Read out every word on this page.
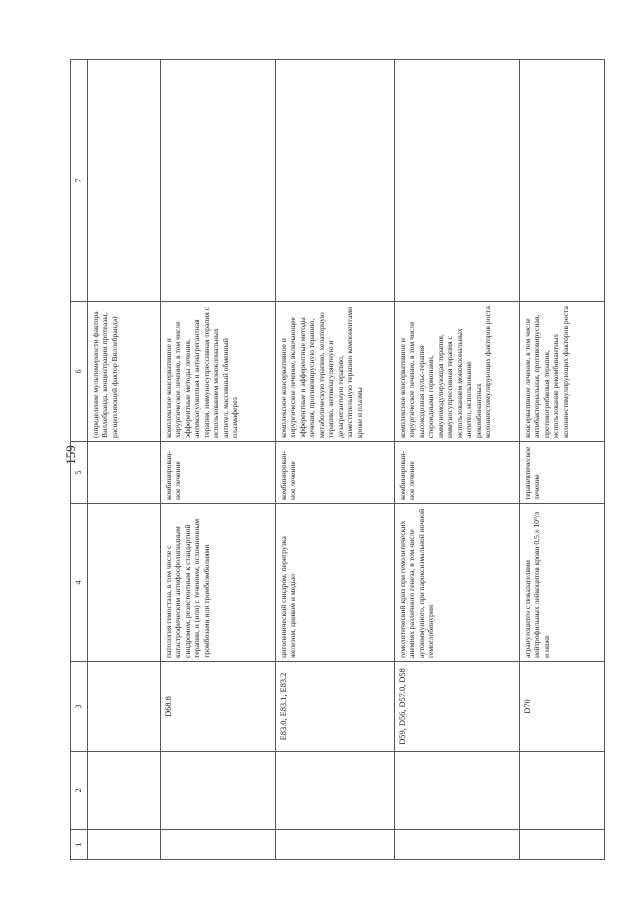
159
1	2	3	4	5	6	7
					(определение мультимерности фактора Виллебранда, концентрации протеазы, расщепляющей фактор Виллебранда)	
		D68.8	патология гемостаза, в том числе с катастрофическим антифосфолипидным синдромом, резистентным к стандартной терапии, и (или) с течением, осложненным тромбозами или тромбоэмболиями	комбинирован-ное лечение	комплексное консервативное и хирургическое лечение, в том числе эфферентные методы лечения, антикоагулянтная и антиагрегантная терапия, иммуносупрессивная терапия с использованием моноклональных антител, массивный обменный плазмаферез	
		E83.0, E83.1, E83.2	цитопенический синдром, перегрузка железом, цинком и медью	комбинирован-ное лечение	комплексное консервативное и хирургическое лечение, включающее эфферентные и афферентные методы лечения, противовирусную терапию, метаболическую терапию, хелаторную терапию, антикоагулянтную и дезагрегантную терапию, заместительную терапию компонентами крови и плазмы	
		D59, D56, D57.0, D58	гемолитический криз при гемолитических анемиях различного генеза, в том числе аутоиммунного, при пароксизмальной ночной гемоглобинурии	комбинирован-ное лечение	комплексное консервативное и хирургическое лечение, в том числе высокодозная пульс-терапия стероидными гормонами, иммуномодулирующая терапия, иммуносупрессивная терапия с использованием моноклональных антител, использование рекомбинантных колониестимулирующих факторов роста	
		D70	агранулоцитоз с показателями нейтрофильных лейкоцитов крови 0,5 х 10⁹/л и ниже	терапевтическое лечение	консервативное лечение, в том числе антибактериальная, противовирусная, противогрибковая терапия, использование рекомбинантных колониестимулирующих факторов роста	
